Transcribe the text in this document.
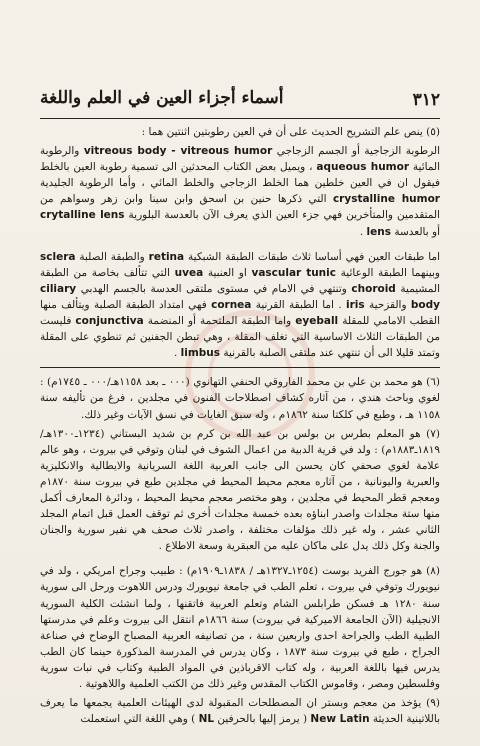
٣١٢
أسماء أجزاء العين في العلم واللغة

(٥) ينص علم التشريح الحديث على أن في العين رطوبتين اثنتين هما :

الرطوبة الزجاجية أو الجسم الزجاجي vitreous body - vitreous humor والرطوبة المائية aqueous humor ، ويميل بعض الكتاب المحدثين الى تسمية رطوبة العين بالخلط فيقول ان في العين خلطين هما الخلط الزجاجي والخلط المائي ، وأما الرطوبة الجليدية crystalline humor التي ذكرها حنين بن اسحق وابن سينا وابن زهر وسواهم من المتقدمين والمتأخرين فهي جزء العين الذي يعرف الآن بالعدسة البلورية crytalline lens أو بالعدسة lens .

اما طبقات العين فهي أساسا ثلاث طبقات الطبقة الشبكية retina والطبقة الصلبة sclera وبينهما الطبقة الوعائية vascular tunic او العنبية uvea التي تتألف بخاصة من الطبقة المشيمية choroid وتنتهي في الامام في مستوى ملتقى العدسة بالجسم الهدبي ciliary body والقزحية iris . اما الطبقة القرنية cornea فهي امتداد الطبقة الصلبة ويتألف منها القطب الامامي للمقلة eyeball واما الطبقة الملتحمة أو المنضمة conjunctiva فليست من الطبقات الثلاث الاساسية التي تغلف المقلة ، وهي تبطن الجفنين ثم تنطوي على المقلة وتمتد قليلا الى أن تنتهي عند ملتقى الصلبة بالقرنية limbus .

(٦) هو محمد بن علي بن محمد الفاروقي الحنفي التهانوي (٠٠٠ ـ بعد ١١٥٨هـ/٠٠٠ ـ ١٧٤٥م) : لغوي وباحث هندي ، من آثاره كشاف اصطلاحات الفنون في مجلدين ، فرغ من تأليفه سنة ١١٥٨ هـ ، وطبع في كلكتا سنة ١٨٦٢م ، وله سبق الغايات في نسق الآيات وغير ذلك.

(٧) هو المعلم بطرس بن بولس بن عبد الله بن كرم بن شديد البستاني (١٢٣٤ـ١٣٠٠هـ/١٨١٩ـ١٨٨٣م) : ولد في قرية الدبية من اعمال الشوف في لبنان وتوفي في بيروت ، وهو عالم علامة لغوي صحفي كان يحسن الى جانب العربية اللغة السريانية والايطالية والانكليزية والعبرية واليونانية ، من آثاره معجم محيط المحيط في مجلدين طبع في بيروت سنة ١٨٧٠م ومعجم قطر المحيط في مجلدين ، وهو مختصر معجم محيط المحيط ، ودائرة المعارف أكمل منها ستة مجلدات واصدر ابناؤه بعده خمسة مجلدات أخرى ثم توقف العمل قبل اتمام المجلد الثاني عشر ، وله غير ذلك مؤلفات مختلفة ، واصدر ثلاث صحف هي نفير سورية والجنان والجنة وكل ذلك يدل على ماكان عليه من العبقرية وسعة الاطلاع .

(٨) هو جورج الفريد بوست (١٢٥٤ـ١٣٢٧هـ / ١٨٣٨ـ١٩٠٩م) : طبيب وجراح امريكي ، ولد في نيويورك وتوفي في بيروت ، تعلم الطب في جامعة نيويورك ودرس اللاهوت ورحل الى سورية سنة ١٢٨٠ هـ فسكن طرابلس الشام وتعلم العربية فاتقنها ، ولما انشئت الكلية السورية الانجيلية (الآن الجامعة الاميركية في بيروت) سنة ١٨٦٦م انتقل الى بيروت وعلم في مدرستها الطبية الطب والجراحة احدى واربعين سنة ، من تصانيفه العربية المصباح الوضاح في صناعة الجراح ، طبع في بيروت سنة ١٨٧٣ ، وكان يدرس في المدرسة المذكورة حينما كان الطب يدرس فيها باللغة العربية ، وله كتاب الاقرباذين في المواد الطبية وكتاب في نبات سورية وفلسطين ومصر ، وقاموس الكتاب المقدس وغير ذلك من الكتب العلمية واللاهوتية .

(٩) يؤخذ من معجم وبستر ان المصطلحات المقبولة لدى الهيئات العلمية يجمعها ما يعرف باللاتينية الحديثة New Latin ( يرمز إليها بالحرفين NL ) وهي اللغة التي استعملت
